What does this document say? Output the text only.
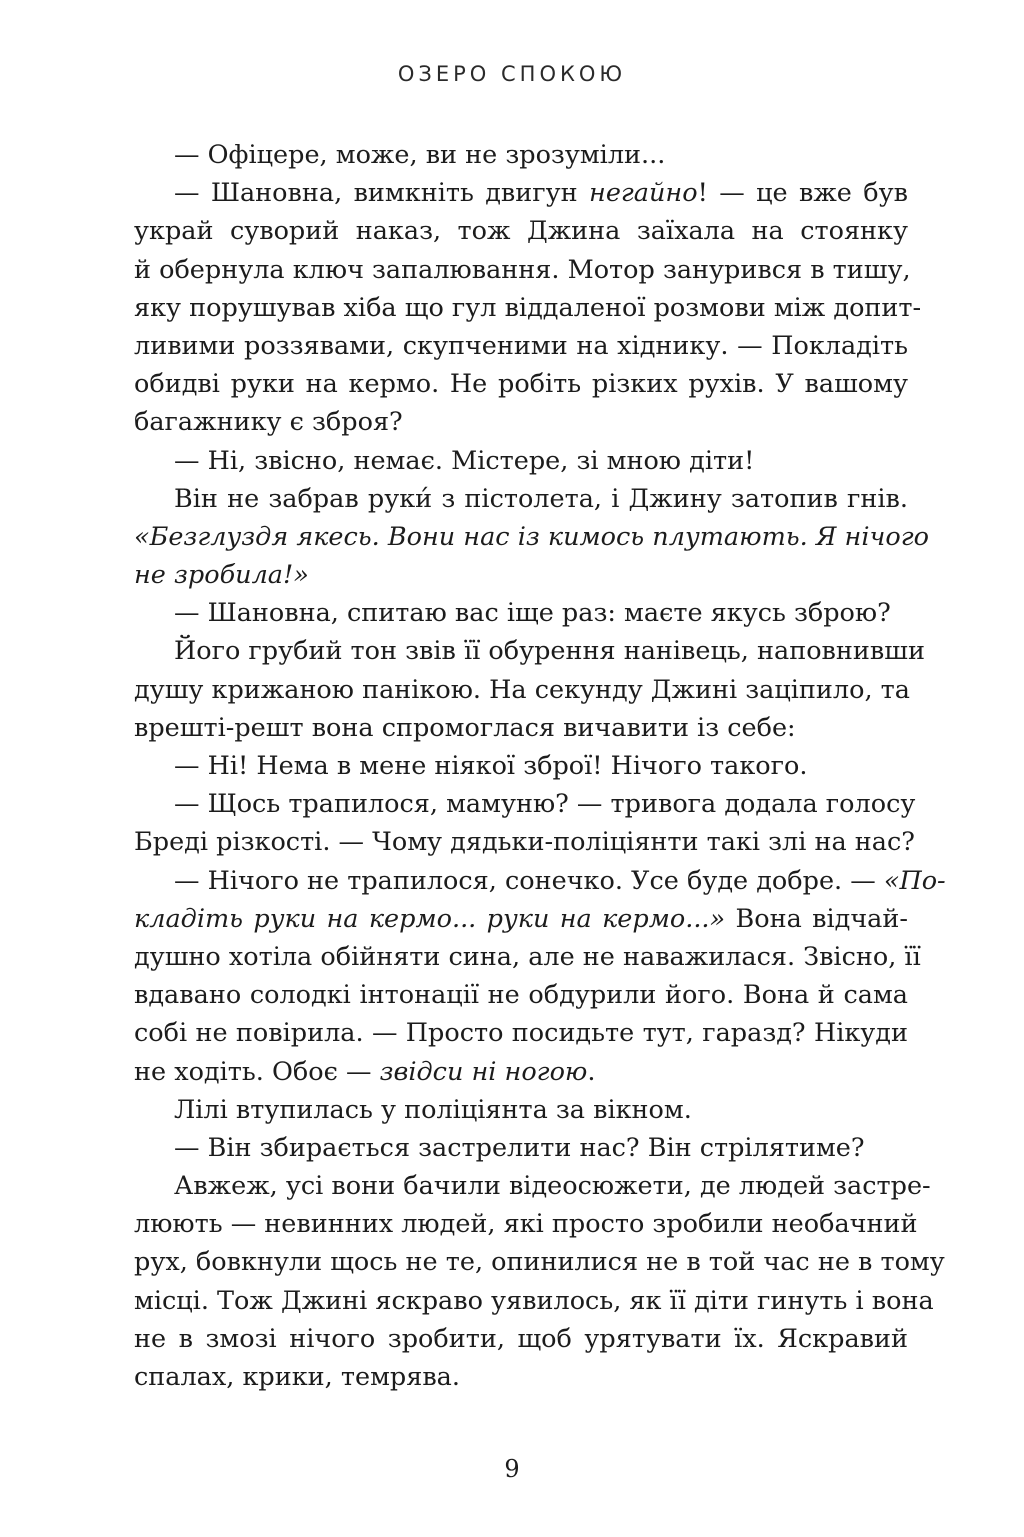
ОЗЕРО СПОКОЮ
— Офіцере, може, ви не зрозуміли...
— Шановна, вимкніть двигун негайно! — це вже був
украй суворий наказ, тож Джина заїхала на стоянку
й обернула ключ запалювання. Мотор занурився в тишу,
яку порушував хіба що гул віддаленої розмови між допит-
ливими роззявами, скупченими на хіднику. — Покладіть
обидві руки на кермо. Не робіть різких рухів. У вашому
багажнику є зброя?
— Ні, звісно, немає. Містере, зі мною діти!
Він не забрав руки́ з пістолета, і Джину затопив гнів.
«Безглуздя якесь. Вони нас із кимось плутають. Я нічого
не зробила!»
— Шановна, спитаю вас іще раз: маєте якусь зброю?
Його грубий тон звів її обурення нанівець, наповнивши
душу крижаною панікою. На секунду Джині заціпило, та
врешті-решт вона спромоглася вичавити із себе:
— Ні! Нема в мене ніякої зброї! Нічого такого.
— Щось трапилося, мамуню? — тривога додала голосу
Бреді різкості. — Чому дядьки-поліціянти такі злі на нас?
— Нічого не трапилося, сонечко. Усе буде добре. — «По-
кладіть руки на кермо... руки на кермо...» Вона відчай-
душно хотіла обійняти сина, але не наважилася. Звісно, її
вдавано солодкі інтонації не обдурили його. Вона й сама
собі не повірила. — Просто посидьте тут, гаразд? Нікуди
не ходіть. Обоє — звідси ні ногою.
Лілі втупилась у поліціянта за вікном.
— Він збирається застрелити нас? Він стрілятиме?
Авжеж, усі вони бачили відеосюжети, де людей застре-
люють — невинних людей, які просто зробили необачний
рух, бовкнули щось не те, опинилися не в той час не в тому
місці. Тож Джині яскраво уявилось, як її діти гинуть і вона
не в змозі нічого зробити, щоб урятувати їх. Яскравий
спалах, крики, темрява.
9
